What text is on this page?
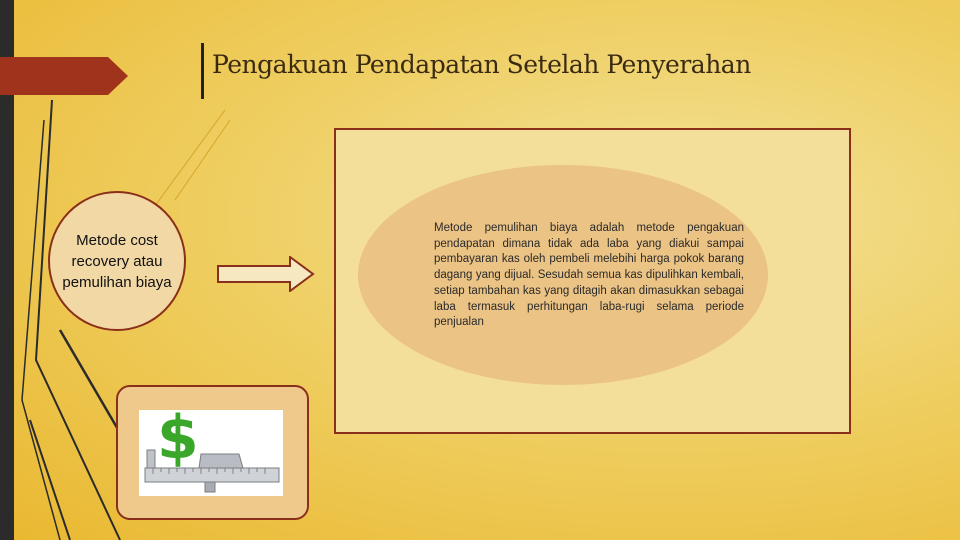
Pengakuan Pendapatan Setelah Penyerahan
Metode cost recovery atau pemulihan biaya
Metode pemulihan biaya adalah metode pengakuan pendapatan dimana tidak ada laba yang diakui sampai pembayaran kas oleh pembeli melebihi harga pokok barang dagang yang dijual. Sesudah semua kas dipulihkan kembali, setiap tambahan kas yang ditagih akan dimasukkan sebagai laba termasuk perhitungan laba-rugi selama periode penjualan
$
